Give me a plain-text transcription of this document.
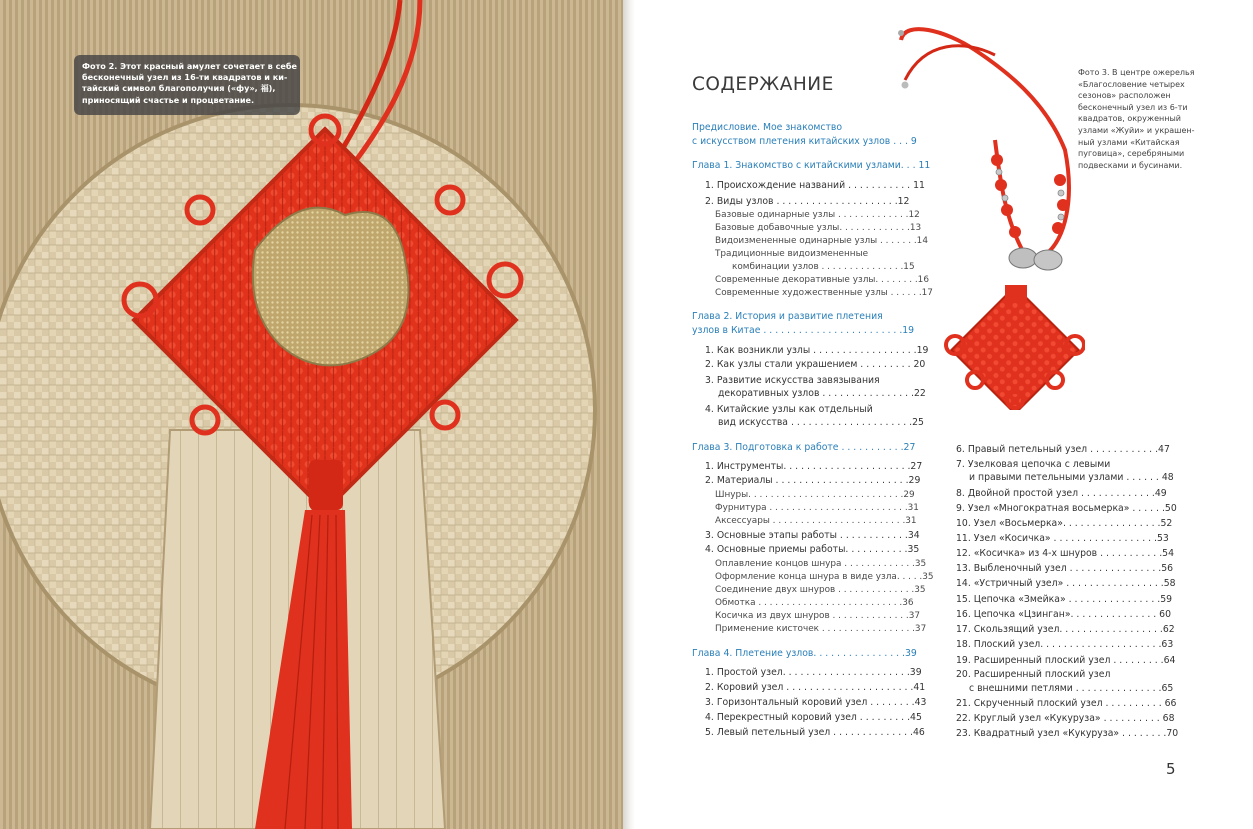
Фото 2. Этот красный амулет сочетает в себе
бесконечный узел из 16-ти квадратов и ки-
тайский символ благополучия («фу», 福),
приносящий счастье и процветание.
СОДЕРЖАНИЕ
Предисловие. Мое знакомство
с искусством плетения китайских узлов . . . 9
Глава 1. Знакомство с китайскими узлами. . . 11
1. Происхождение названий . . . . . . . . . . . 11
2. Виды узлов . . . . . . . . . . . . . . . . . . . . .12
Базовые одинарные узлы . . . . . . . . . . . . .12
Базовые добавочные узлы. . . . . . . . . . . . .13
Видоизмененные одинарные узлы . . . . . . .14
Традиционные видоизмененные
комбинации узлов . . . . . . . . . . . . . . .15
Современные декоративные узлы. . . . . . . .16
Современные художественные узлы . . . . . .17
Глава 2. История и развитие плетения
узлов в Китае . . . . . . . . . . . . . . . . . . . . . . . .19
1. Как возникли узлы . . . . . . . . . . . . . . . . . .19
2. Как узлы стали украшением . . . . . . . . . 20
3. Развитие искусства завязывания
декоративных узлов . . . . . . . . . . . . . . . .22
4. Китайские узлы как отдельный
вид искусства . . . . . . . . . . . . . . . . . . . . .25
Глава 3. Подготовка к работе . . . . . . . . . . .27
1. Инструменты. . . . . . . . . . . . . . . . . . . . . .27
2. Материалы . . . . . . . . . . . . . . . . . . . . . . .29
Шнуры. . . . . . . . . . . . . . . . . . . . . . . . . . . .29
Фурнитура . . . . . . . . . . . . . . . . . . . . . . . . .31
Аксессуары . . . . . . . . . . . . . . . . . . . . . . . .31
3. Основные этапы работы . . . . . . . . . . . .34
4. Основные приемы работы. . . . . . . . . . .35
Оплавление концов шнура . . . . . . . . . . . . .35
Оформление конца шнура в виде узла. . . . .35
Соединение двух шнуров . . . . . . . . . . . . . .35
Обмотка . . . . . . . . . . . . . . . . . . . . . . . . . .36
Косичка из двух шнуров . . . . . . . . . . . . . .37
Применение кисточек . . . . . . . . . . . . . . . . .37
Глава 4. Плетение узлов. . . . . . . . . . . . . . . .39
1. Простой узел. . . . . . . . . . . . . . . . . . . . . .39
2. Коровий узел . . . . . . . . . . . . . . . . . . . . . .41
3. Горизонтальный коровий узел . . . . . . . .43
4. Перекрестный коровий узел . . . . . . . . .45
5. Левый петельный узел . . . . . . . . . . . . . .46
6. Правый петельный узел . . . . . . . . . . . .47
7. Узелковая цепочка с левыми
и правыми петельными узлами . . . . . . 48
8. Двойной простой узел . . . . . . . . . . . . .49
9. Узел «Многократная восьмерка» . . . . . .50
10. Узел «Восьмерка». . . . . . . . . . . . . . . . .52
11. Узел «Косичка» . . . . . . . . . . . . . . . . . .53
12. «Косичка» из 4-х шнуров . . . . . . . . . . .54
13. Выбленочный узел . . . . . . . . . . . . . . . .56
14. «Устричный узел» . . . . . . . . . . . . . . . . .58
15. Цепочка «Змейка» . . . . . . . . . . . . . . . .59
16. Цепочка «Цзинган». . . . . . . . . . . . . . . 60
17. Скользящий узел. . . . . . . . . . . . . . . . . .62
18. Плоский узел. . . . . . . . . . . . . . . . . . . . .63
19. Расширенный плоский узел . . . . . . . . .64
20. Расширенный плоский узел
с внешними петлями . . . . . . . . . . . . . . .65
21. Скрученный плоский узел . . . . . . . . . . 66
22. Круглый узел «Кукуруза» . . . . . . . . . . 68
23. Квадратный узел «Кукуруза» . . . . . . . .70
Фото 3. В центре ожерелья
«Благословение четырех
сезонов» расположен
бесконечный узел из 6-ти
квадратов, окруженный
узлами «Жуйи» и украшен-
ный узлами «Китайская
пуговица», серебряными
подвесками и бусинами.
5
